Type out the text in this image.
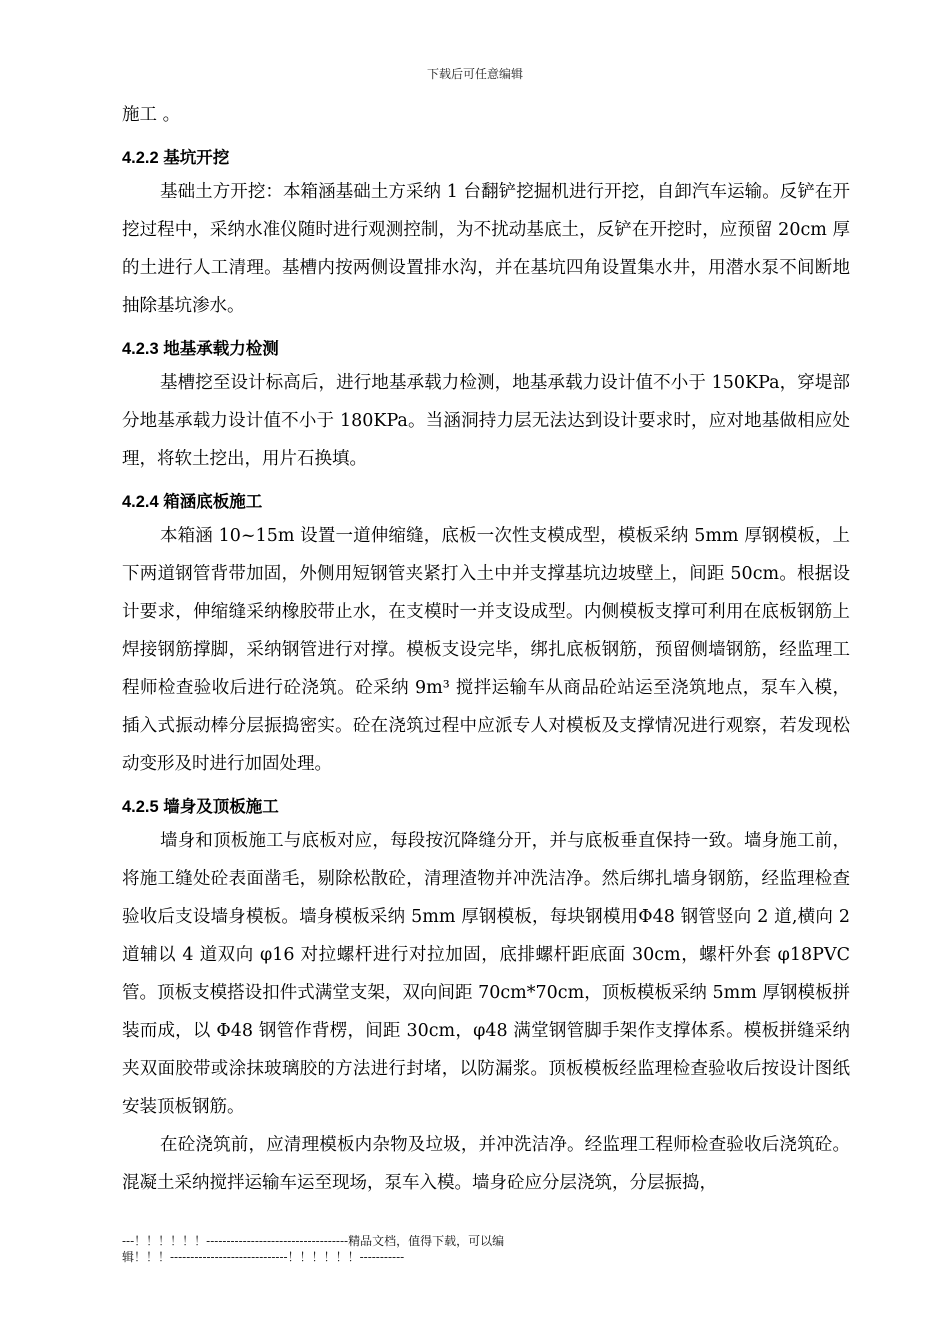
下载后可任意编辑

施工 。

4.2.2 基坑开挖

基础土方开挖：本箱涵基础土方采纳 1 台翻铲挖掘机进行开挖，自卸汽车运输。反铲在开挖过程中，采纳水准仪随时进行观测控制，为不扰动基底土，反铲在开挖时，应预留 20cm 厚的土进行人工清理。基槽内按两侧设置排水沟，并在基坑四角设置集水井，用潜水泵不间断地抽除基坑渗水。

4.2.3 地基承载力检测

基槽挖至设计标高后，进行地基承载力检测，地基承载力设计值不小于 150KPa，穿堤部分地基承载力设计值不小于 180KPa。当涵洞持力层无法达到设计要求时，应对地基做相应处理，将软土挖出，用片石换填。

4.2.4 箱涵底板施工

本箱涵 10~15m 设置一道伸缩缝，底板一次性支模成型，模板采纳 5mm 厚钢模板，上下两道钢管背带加固，外侧用短钢管夹紧打入土中并支撑基坑边坡壁上，间距 50cm。根据设计要求，伸缩缝采纳橡胶带止水，在支模时一并支设成型。内侧模板支撑可利用在底板钢筋上焊接钢筋撑脚，采纳钢管进行对撑。模板支设完毕，绑扎底板钢筋，预留侧墙钢筋，经监理工程师检查验收后进行砼浇筑。砼采纳 9m³ 搅拌运输车从商品砼站运至浇筑地点，泵车入模，插入式振动棒分层振捣密实。砼在浇筑过程中应派专人对模板及支撑情况进行观察，若发现松动变形及时进行加固处理。

4.2.5 墙身及顶板施工

墙身和顶板施工与底板对应，每段按沉降缝分开，并与底板垂直保持一致。墙身施工前，将施工缝处砼表面凿毛，剔除松散砼，清理渣物并冲洗洁净。然后绑扎墙身钢筋，经监理检查验收后支设墙身模板。墙身模板采纳 5mm 厚钢模板，每块钢模用Φ48 钢管竖向 2 道,横向 2 道辅以 4 道双向 φ16 对拉螺杆进行对拉加固，底排螺杆距底面 30cm，螺杆外套 φ18PVC 管。顶板支模搭设扣件式满堂支架，双向间距 70cm*70cm，顶板模板采纳 5mm 厚钢模板拼装而成，以 Φ48 钢管作背楞，间距 30cm，φ48 满堂钢管脚手架作支撑体系。模板拼缝采纳夹双面胶带或涂抹玻璃胶的方法进行封堵，以防漏浆。顶板模板经监理检查验收后按设计图纸安装顶板钢筋。

在砼浇筑前，应清理模板内杂物及垃圾，并冲洗洁净。经监理工程师检查验收后浇筑砼。混凝土采纳搅拌运输车运至现场，泵车入模。墙身砼应分层浇筑，分层振捣，

---！！！！！！-----------------------------------精品文档，值得下载，可以编
辑！！！-----------------------------！！！！！！-----------
